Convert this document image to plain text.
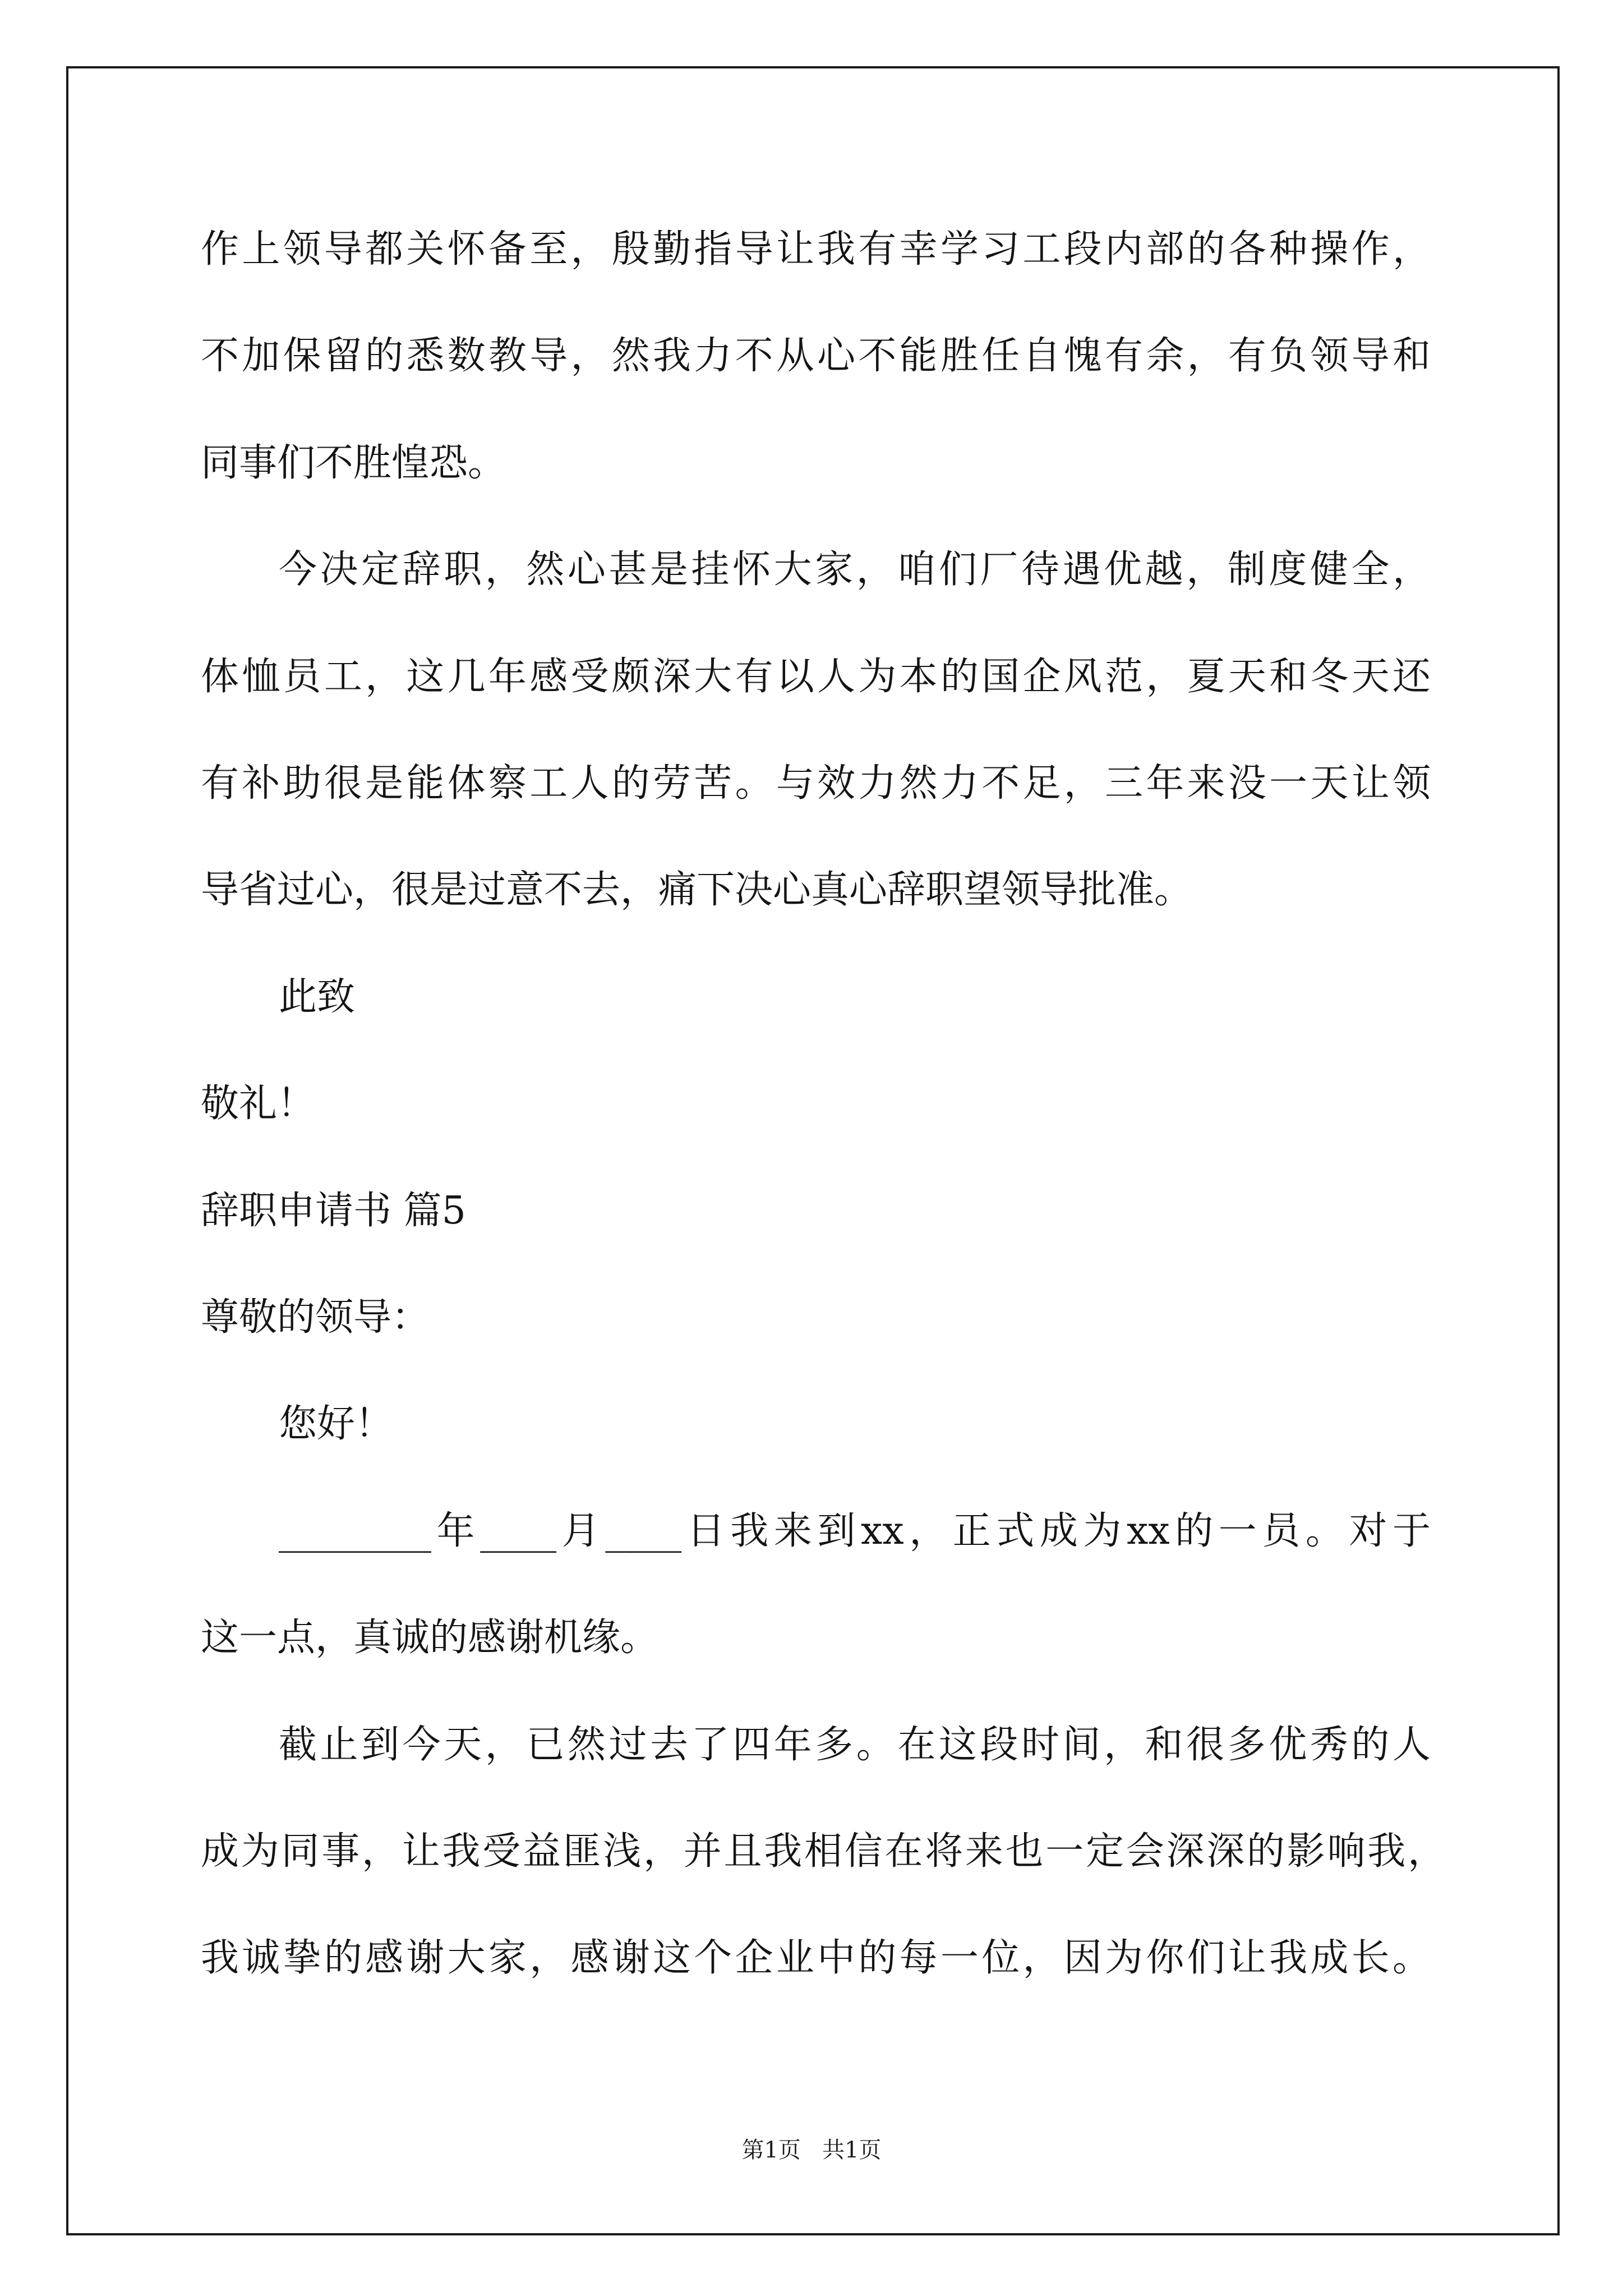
作上领导都关怀备至，殷勤指导让我有幸学习工段内部的各种操作，

不加保留的悉数教导，然我力不从心不能胜任自愧有余，有负领导和

同事们不胜惶恐。

今决定辞职，然心甚是挂怀大家，咱们厂待遇优越，制度健全，

体恤员工，这几年感受颇深大有以人为本的国企风范，夏天和冬天还

有补助很是能体察工人的劳苦。与效力然力不足，三年来没一天让领

导省过心，很是过意不去，痛下决心真心辞职望领导批准。

此致

敬礼！

辞职申请书 篇5

尊敬的领导：

您好！

________年____月____日我来到xx，正式成为xx的一员。对于

这一点，真诚的感谢机缘。

截止到今天，已然过去了四年多。在这段时间，和很多优秀的人

成为同事，让我受益匪浅，并且我相信在将来也一定会深深的影响我，

我诚挚的感谢大家，感谢这个企业中的每一位，因为你们让我成长。

第1页   共1页
